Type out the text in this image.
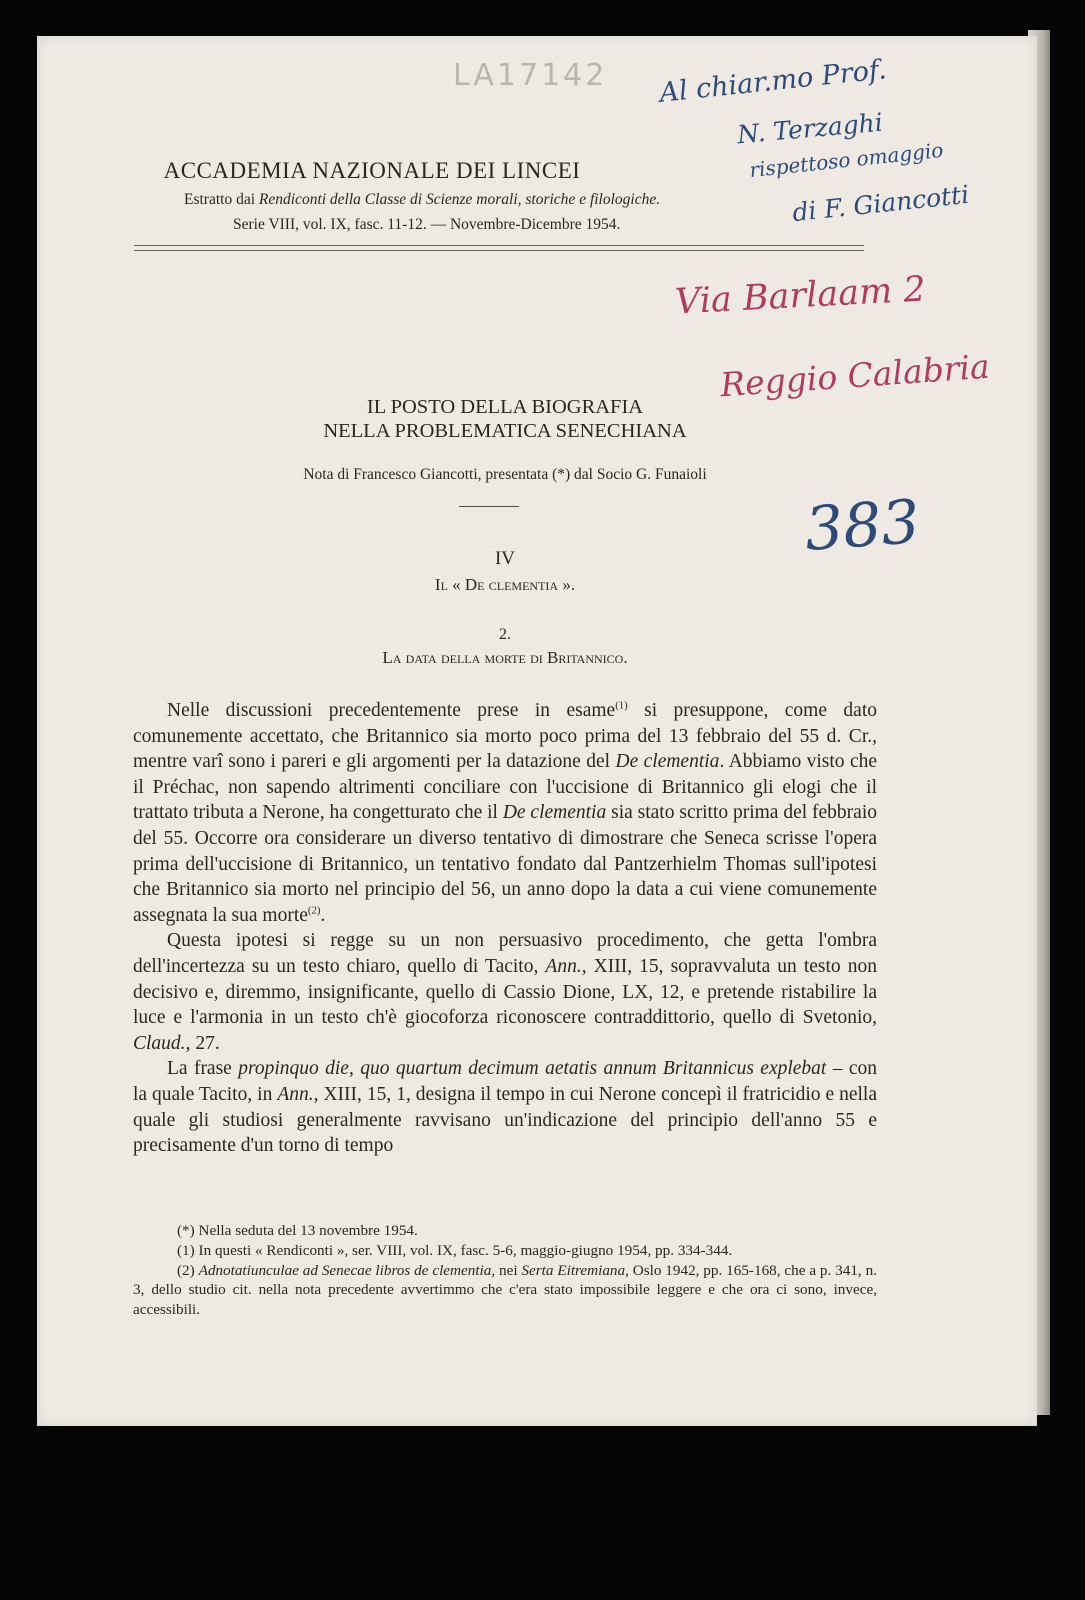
LA17142 Al chiar.mo Prof.
N. Terzaghi
rispettoso omaggio
di F. Giancotti
ACCADEMIA NAZIONALE DEI LINCEI
Estratto dai Rendiconti della Classe di Scienze morali, storiche e filologiche.
Serie VIII, vol. IX, fasc. 11-12. — Novembre-Dicembre 1954.
Via Barlaam 2
Reggio Calabria
383
IL POSTO DELLA BIOGRAFIA
NELLA PROBLEMATICA SENECHIANA
Nota di Francesco Giancotti, presentata (*) dal Socio G. Funaioli
IV
Il « De clementia ».
2.
La data della morte di Britannico.

Nelle discussioni precedentemente prese in esame$^{(1)}$ si presuppone, come dato comunemente accettato, che Britannico sia morto poco prima del 13 febbraio del 55 d. Cr., mentre varî sono i pareri e gli argomenti per la datazione del De clementia. Abbiamo visto che il Préchac, non sapendo altrimenti conciliare con l'uccisione di Britannico gli elogi che il trattato tributa a Nerone, ha congetturato che il De clementia sia stato scritto prima del febbraio del 55. Occorre ora considerare un diverso tentativo di dimostrare che Seneca scrisse l'opera prima dell'uccisione di Britannico, un tentativo fondato dal Pantzerhielm Thomas sull'ipotesi che Britannico sia morto nel principio del 56, un anno dopo la data a cui viene comunemente assegnata la sua morte$^{(2)}$.

Questa ipotesi si regge su un non persuasivo procedimento, che getta l'ombra dell'incertezza su un testo chiaro, quello di Tacito, Ann., XIII, 15, sopravvaluta un testo non decisivo e, diremmo, insignificante, quello di Cassio Dione, LX, 12, e pretende ristabilire la luce e l'armonia in un testo ch'è giocoforza riconoscere contraddittorio, quello di Svetonio, Claud., 27.

La frase propinquo die, quo quartum decimum aetatis annum Britannicus explebat – con la quale Tacito, in Ann., XIII, 15, 1, designa il tempo in cui Nerone concepì il fratricidio e nella quale gli studiosi generalmente ravvisano un'indicazione del principio dell'anno 55 e precisamente d'un torno di tempo

(*) Nella seduta del 13 novembre 1954.

(1) In questi « Rendiconti », ser. VIII, vol. IX, fasc. 5-6, maggio-giugno 1954, pp. 334-344.

(2) Adnotatiunculae ad Senecae libros de clementia, nei Serta Eitremiana, Oslo 1942, pp. 165-168, che a p. 341, n. 3, dello studio cit. nella nota precedente avvertimmo che c'era stato impossibile leggere e che ora ci sono, invece, accessibili.
